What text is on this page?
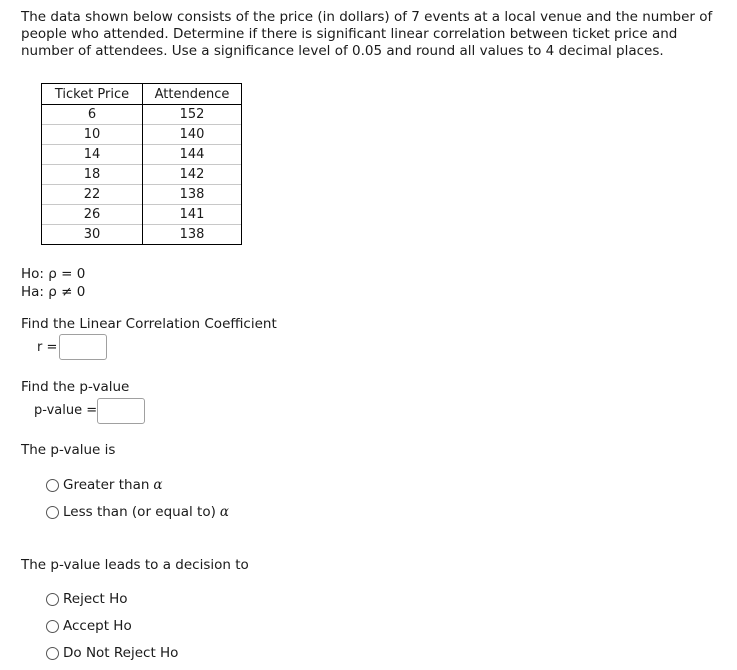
The data shown below consists of the price (in dollars) of 7 events at a local venue and the number of people who attended. Determine if there is significant linear correlation between ticket price and number of attendees. Use a significance level of 0.05 and round all values to 4 decimal places.

Ticket Price	Attendence
6	152
10	140
14	144
18	142
22	138
26	141
30	138
Ho: ρ = 0
Ha: ρ ≠ 0
Find the Linear Correlation Coefficient
r =
Find the p-value
p-value =
The p-value is
Greater than α
Less than (or equal to) α
The p-value leads to a decision to
Reject Ho
Accept Ho
Do Not Reject Ho
